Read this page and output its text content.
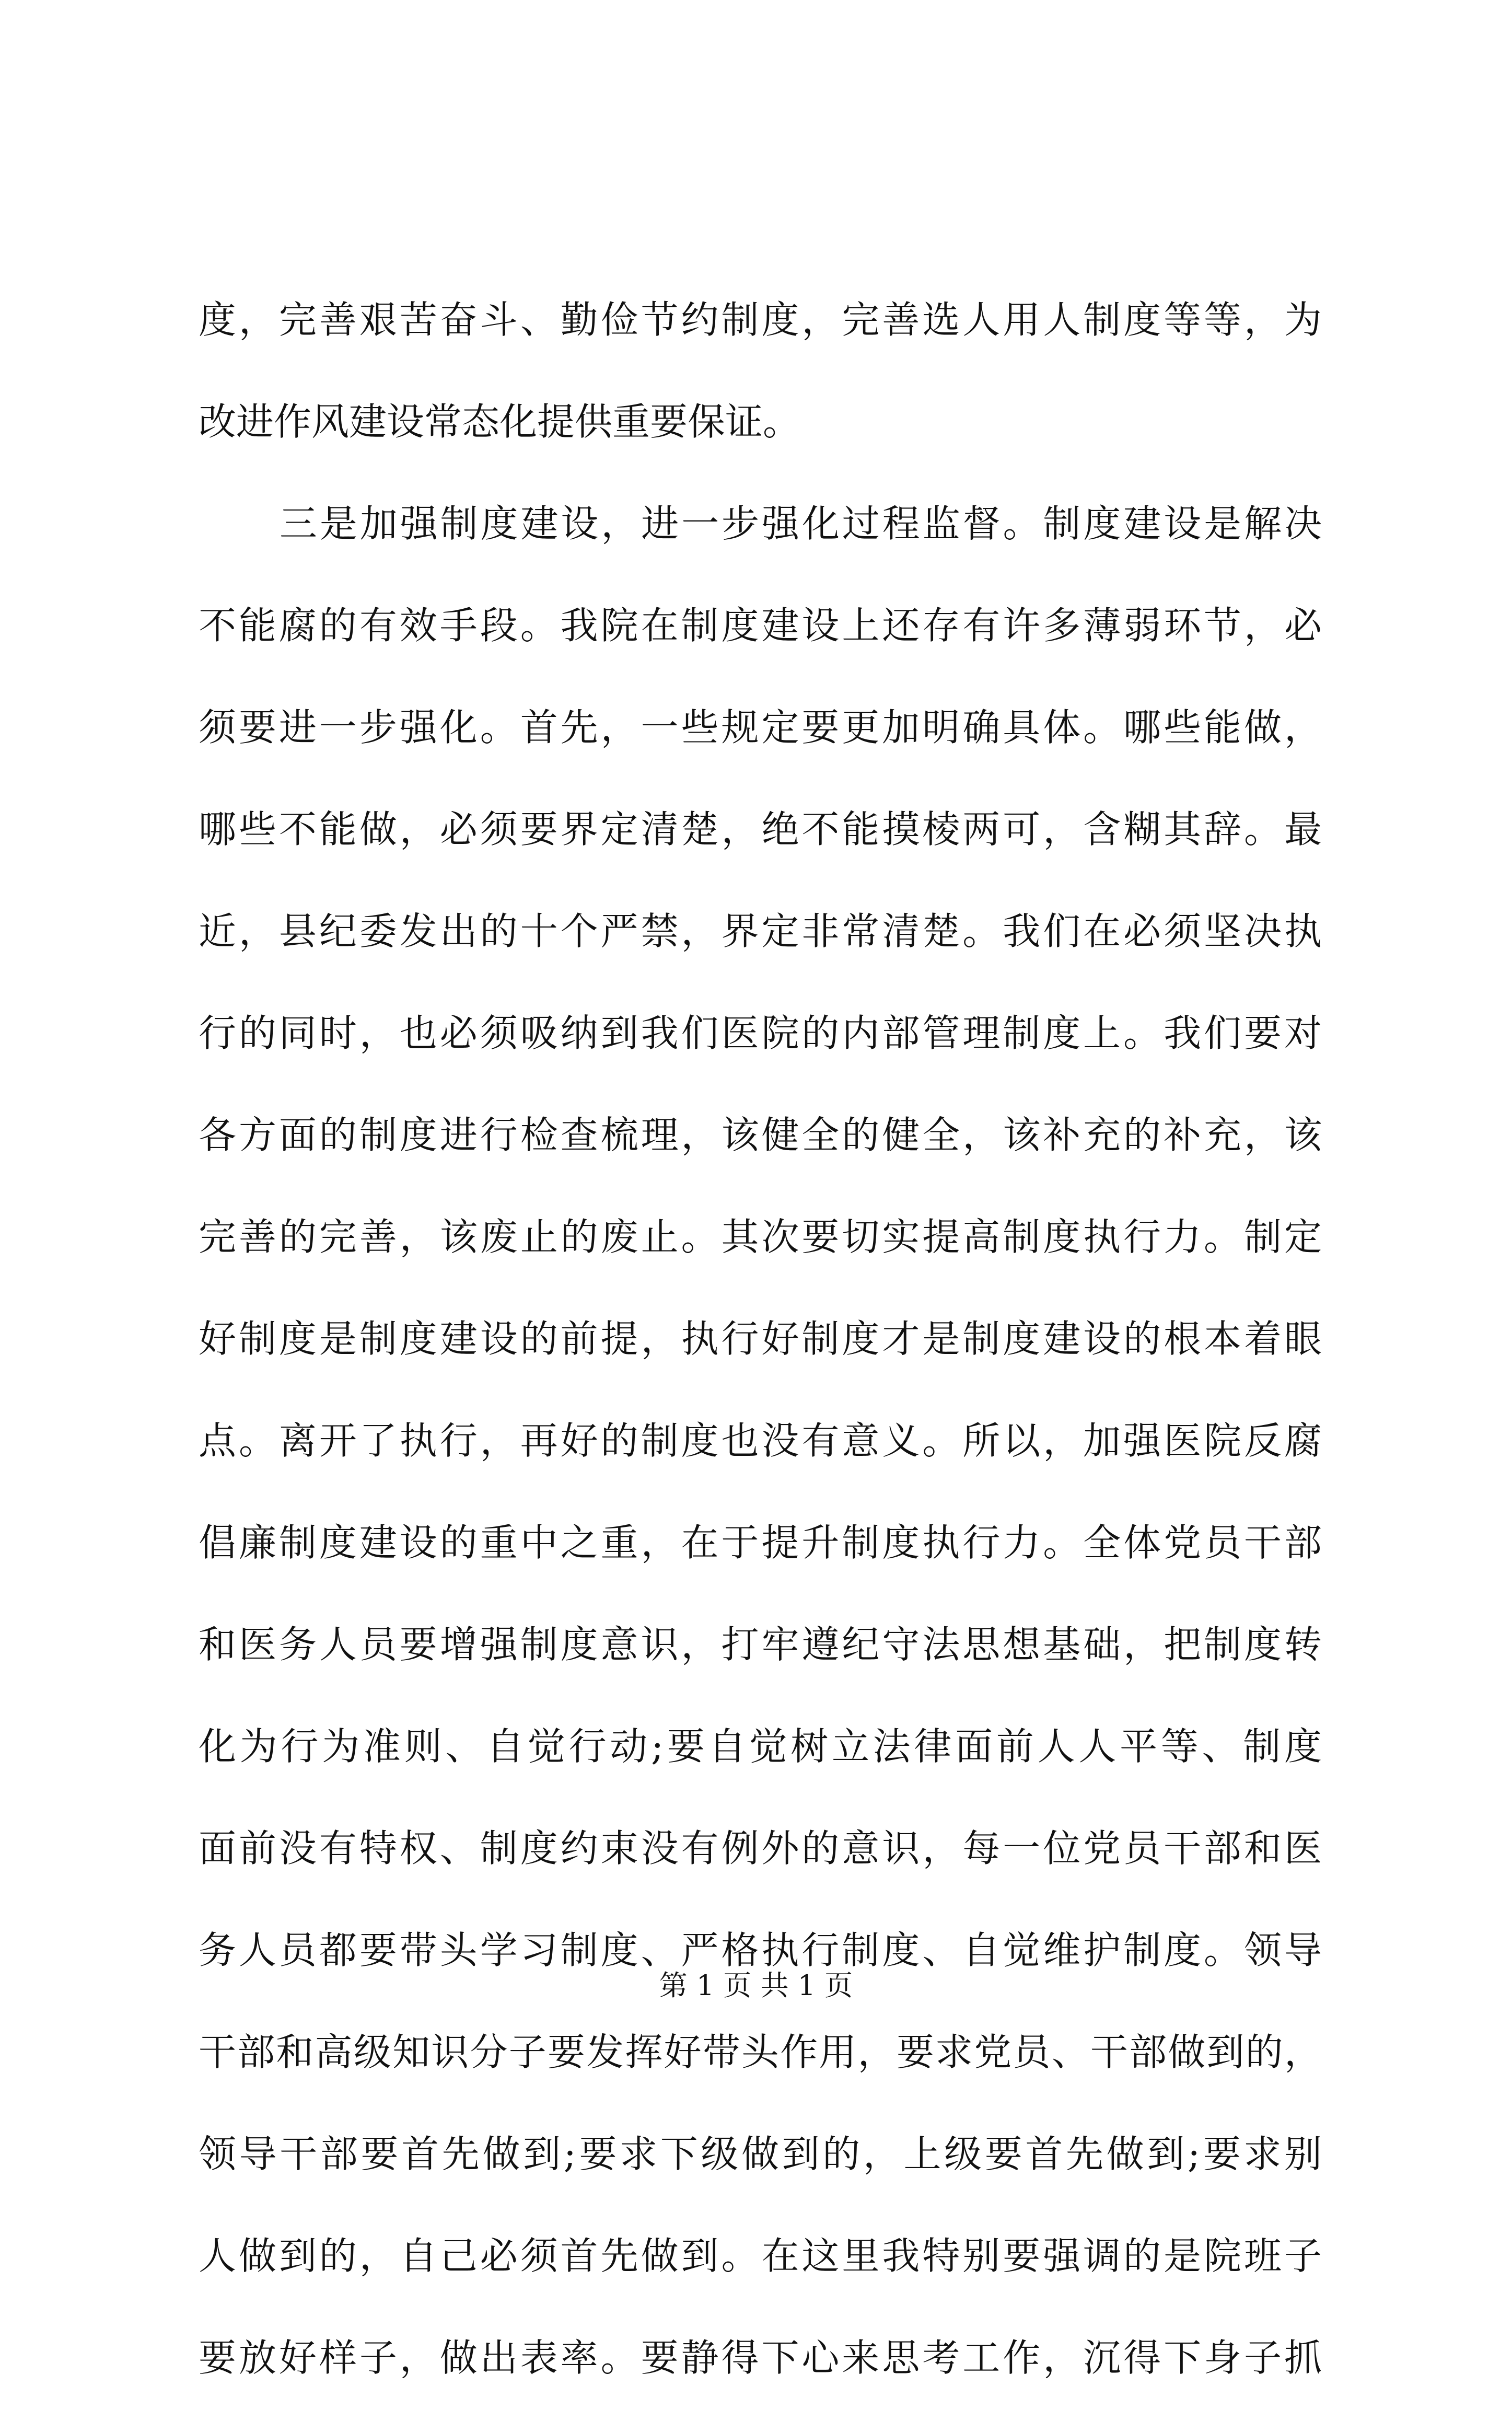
度，完善艰苦奋斗、勤俭节约制度，完善选人用人制度等等，为
改进作风建设常态化提供重要保证。
三是加强制度建设，进一步强化过程监督。制度建设是解决
不能腐的有效手段。我院在制度建设上还存有许多薄弱环节，必
须要进一步强化。首先，一些规定要更加明确具体。哪些能做，
哪些不能做，必须要界定清楚，绝不能摸棱两可，含糊其辞。最
近，县纪委发出的十个严禁，界定非常清楚。我们在必须坚决执
行的同时，也必须吸纳到我们医院的内部管理制度上。我们要对
各方面的制度进行检查梳理，该健全的健全，该补充的补充，该
完善的完善，该废止的废止。其次要切实提高制度执行力。制定
好制度是制度建设的前提，执行好制度才是制度建设的根本着眼
点。离开了执行，再好的制度也没有意义。所以，加强医院反腐
倡廉制度建设的重中之重，在于提升制度执行力。全体党员干部
和医务人员要增强制度意识，打牢遵纪守法思想基础，把制度转
化为行为准则、自觉行动;要自觉树立法律面前人人平等、制度
面前没有特权、制度约束没有例外的意识，每一位党员干部和医
务人员都要带头学习制度、严格执行制度、自觉维护制度。领导
干部和高级知识分子要发挥好带头作用，要求党员、干部做到的，
领导干部要首先做到;要求下级做到的，上级要首先做到;要求别
人做到的，自己必须首先做到。在这里我特别要强调的是院班子
要放好样子，做出表率。要静得下心来思考工作，沉得下身子抓
第 1 页 共 1 页
